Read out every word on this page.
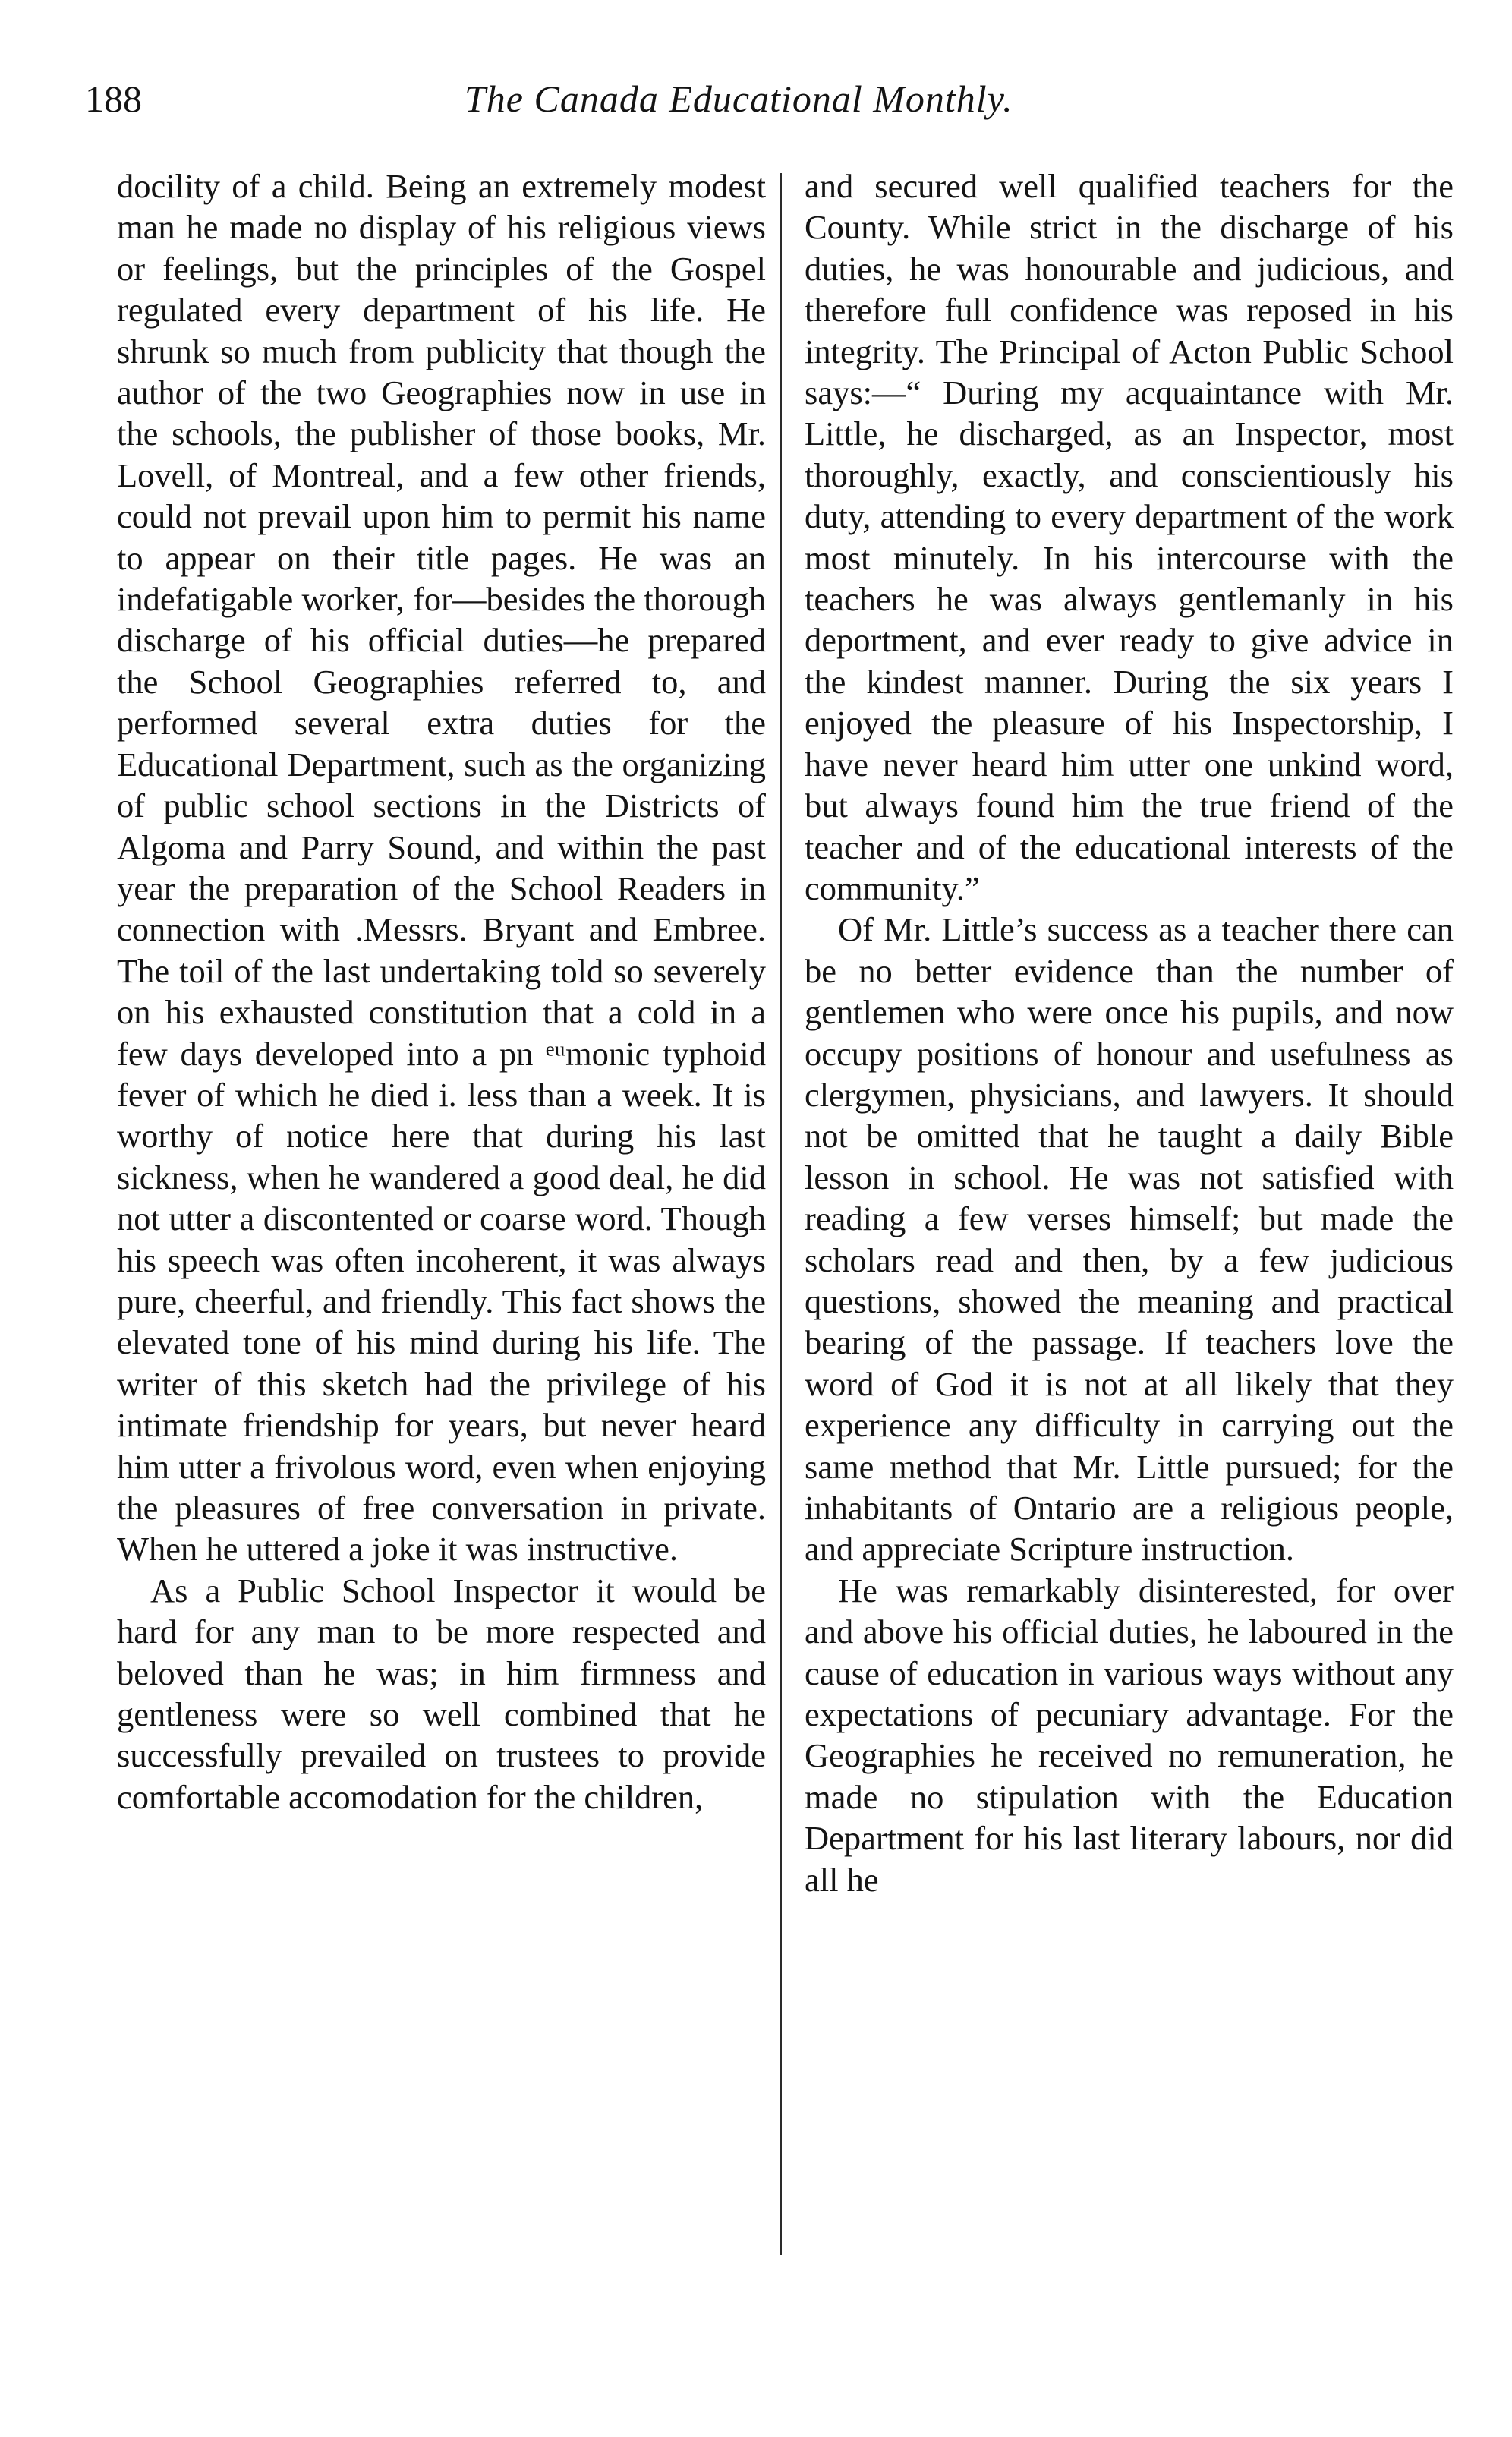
188	The Canada Educational Monthly.

docility of a child. Being an extremely modest man he made no display of his religious views or feelings, but the principles of the Gospel regulated every department of his life. He shrunk so much from publicity that though the author of the two Geographies now in use in the schools, the publisher of those books, Mr. Lovell, of Montreal, and a few other friends, could not prevail upon him to permit his name to appear on their title pages. He was an indefatigable worker, for—besides the thorough discharge of his official duties—he prepared the School Geographies referred to, and performed several extra duties for the Educational Department, such as the organizing of public school sections in the Districts of Algoma and Parry Sound, and within the past year the preparation of the School Readers in connection with .Messrs. Bryant and Embree. The toil of the last undertaking told so severely on his exhausted constitution that a cold in a few days developed into a pn ᵉᵘmonic typhoid fever of which he died i. less than a week. It is worthy of notice here that during his last sickness, when he wandered a good deal, he did not utter a discontented or coarse word. Though his speech was often incoherent, it was always pure, cheerful, and friendly. This fact shows the elevated tone of his mind during his life. The writer of this sketch had the privilege of his intimate friendship for years, but never heard him utter a frivolous word, even when enjoying the pleasures of free conversation in private. When he uttered a joke it was instructive.

As a Public School Inspector it would be hard for any man to be more respected and beloved than he was; in him firmness and gentleness were so well combined that he successfully prevailed on trustees to provide comfortable accomodation for the children,

and secured well qualified teachers for the County. While strict in the discharge of his duties, he was honourable and judicious, and therefore full confidence was reposed in his integrity. The Principal of Acton Public School says:—“ During my acquaintance with Mr. Little, he discharged, as an Inspector, most thoroughly, exactly, and conscientiously his duty, attending to every department of the work most minutely. In his intercourse with the teachers he was always gentlemanly in his deportment, and ever ready to give advice in the kindest manner. During the six years I enjoyed the pleasure of his Inspectorship, I have never heard him utter one unkind word, but always found him the true friend of the teacher and of the educational interests of the community.”

Of Mr. Little’s success as a teacher there can be no better evidence than the number of gentlemen who were once his pupils, and now occupy positions of honour and usefulness as clergymen, physicians, and lawyers. It should not be omitted that he taught a daily Bible lesson in school. He was not satisfied with reading a few verses himself; but made the scholars read and then, by a few judicious questions, showed the meaning and practical bearing of the passage. If teachers love the word of God it is not at all likely that they experience any difficulty in carrying out the same method that Mr. Little pursued; for the inhabitants of Ontario are a religious people, and appreciate Scripture instruction.

He was remarkably disinterested, for over and above his official duties, he laboured in the cause of education in various ways without any expectations of pecuniary advantage. For the Geographies he received no remuneration, he made no stipulation with the Education Department for his last literary labours, nor did all he
